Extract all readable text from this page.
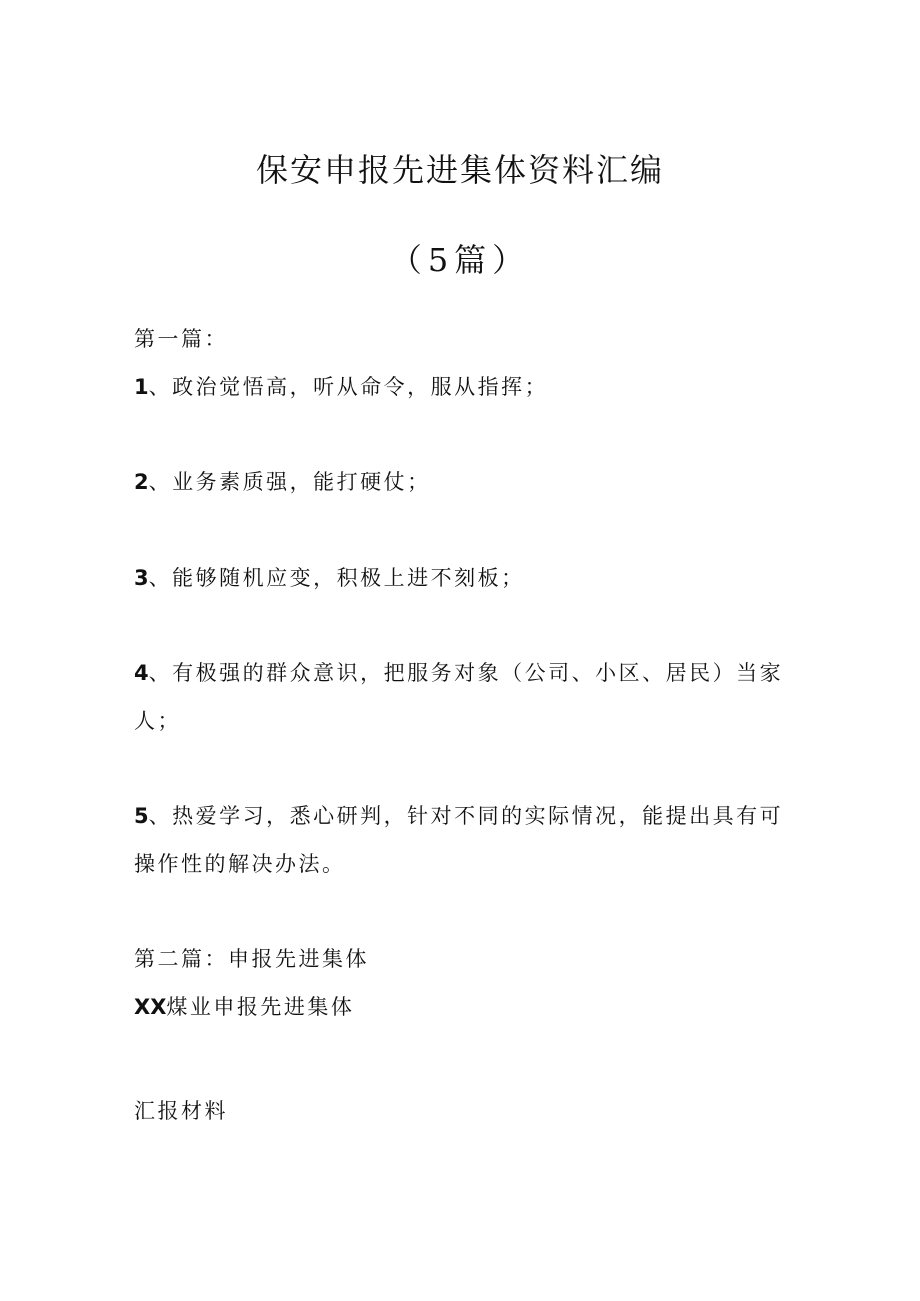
保安申报先进集体资料汇编
（5篇）
第一篇：
1、政治觉悟高，听从命令，服从指挥；
2、业务素质强，能打硬仗；
3、能够随机应变，积极上进不刻板；
4、有极强的群众意识，把服务对象（公司、小区、居民）当家
人；
5、热爱学习，悉心研判，针对不同的实际情况，能提出具有可
操作性的解决办法。
第二篇：申报先进集体
XX煤业申报先进集体
汇报材料
